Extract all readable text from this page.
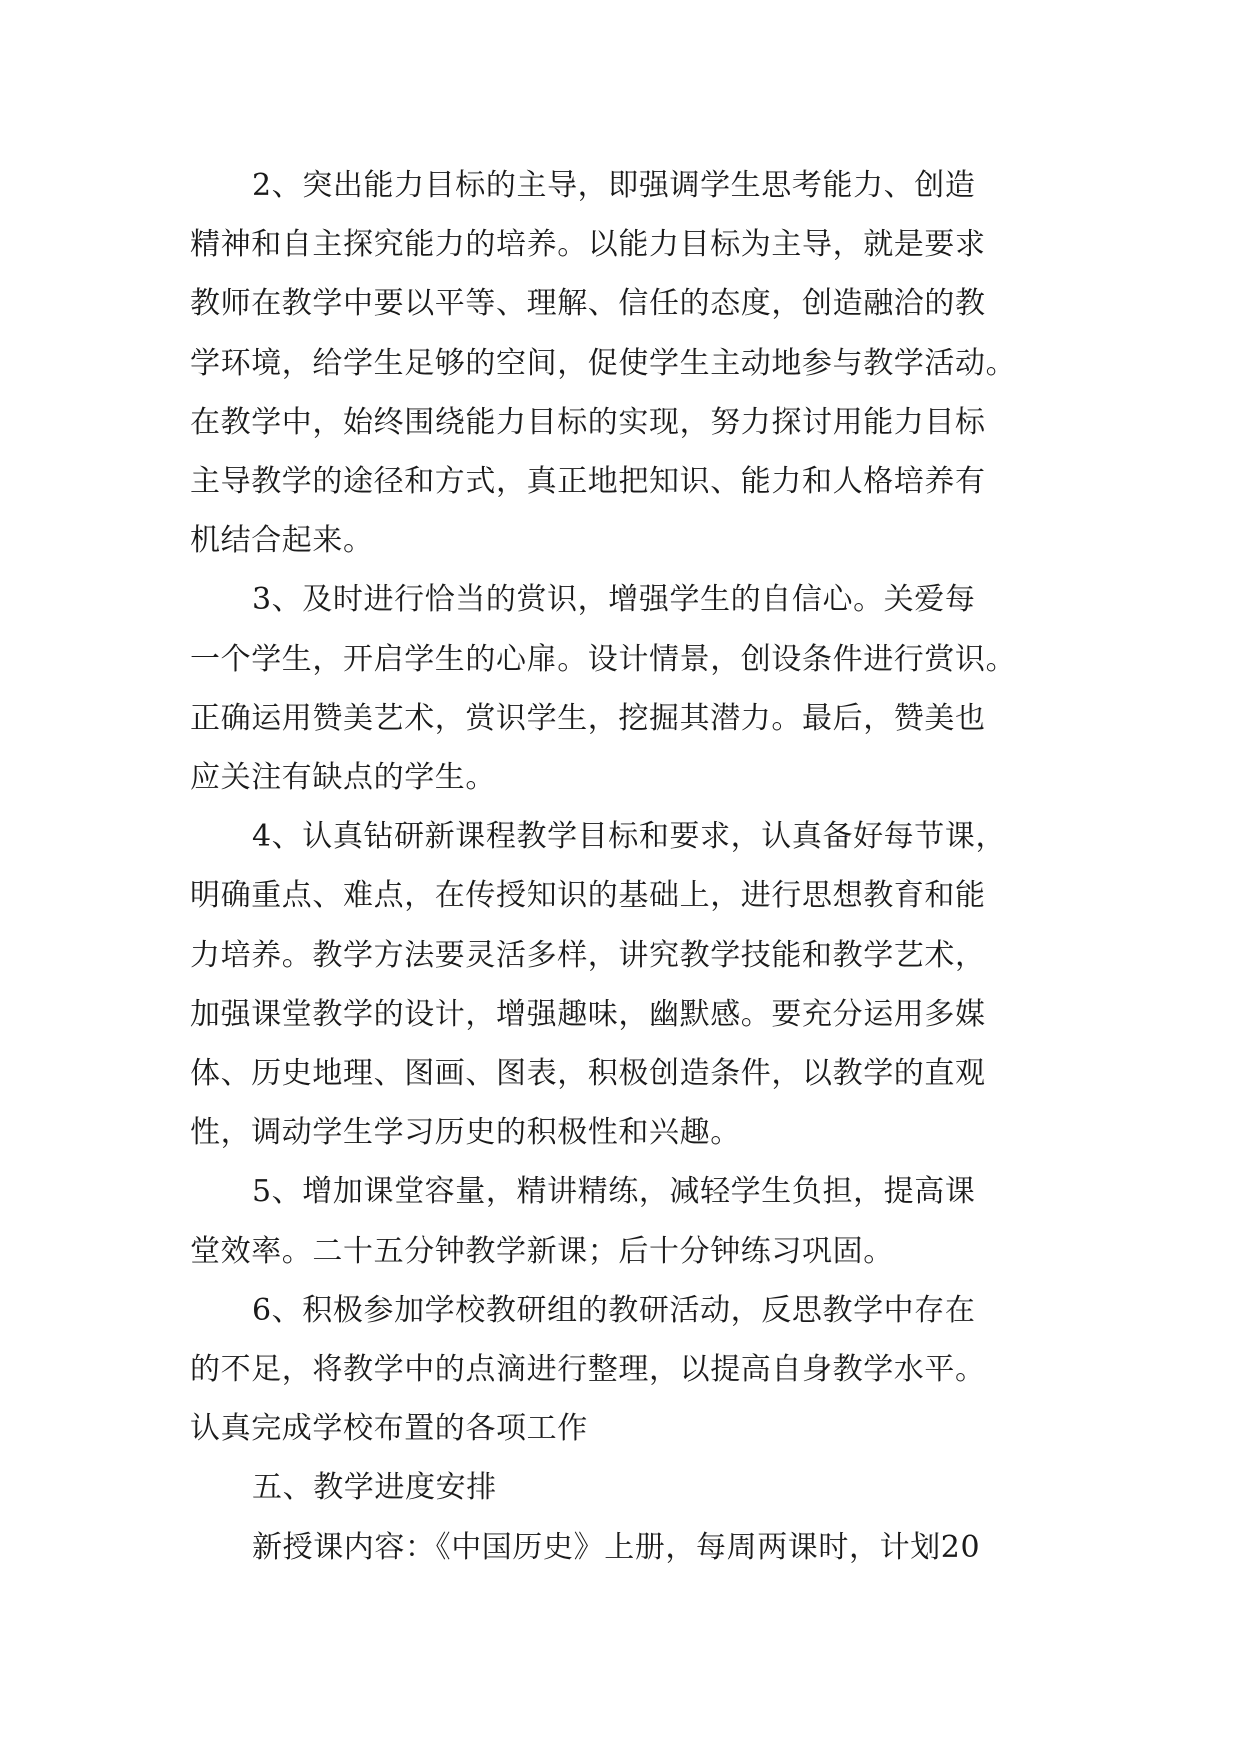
2、突出能力目标的主导，即强调学生思考能力、创造
精神和自主探究能力的培养。以能力目标为主导，就是要求
教师在教学中要以平等、理解、信任的态度，创造融洽的教
学环境，给学生足够的空间，促使学生主动地参与教学活动。
在教学中，始终围绕能力目标的实现，努力探讨用能力目标
主导教学的途径和方式，真正地把知识、能力和人格培养有
机结合起来。
3、及时进行恰当的赏识，增强学生的自信心。关爱每
一个学生，开启学生的心扉。设计情景，创设条件进行赏识。
正确运用赞美艺术，赏识学生，挖掘其潜力。最后，赞美也
应关注有缺点的学生。
4、认真钻研新课程教学目标和要求，认真备好每节课，
明确重点、难点，在传授知识的基础上，进行思想教育和能
力培养。教学方法要灵活多样，讲究教学技能和教学艺术，
加强课堂教学的设计，增强趣味，幽默感。要充分运用多媒
体、历史地理、图画、图表，积极创造条件，以教学的直观
性，调动学生学习历史的积极性和兴趣。
5、增加课堂容量，精讲精练，减轻学生负担，提高课
堂效率。二十五分钟教学新课；后十分钟练习巩固。
6、积极参加学校教研组的教研活动，反思教学中存在
的不足，将教学中的点滴进行整理，以提高自身教学水平。
认真完成学校布置的各项工作
五、教学进度安排
新授课内容：《中国历史》上册，每周两课时，计划20
